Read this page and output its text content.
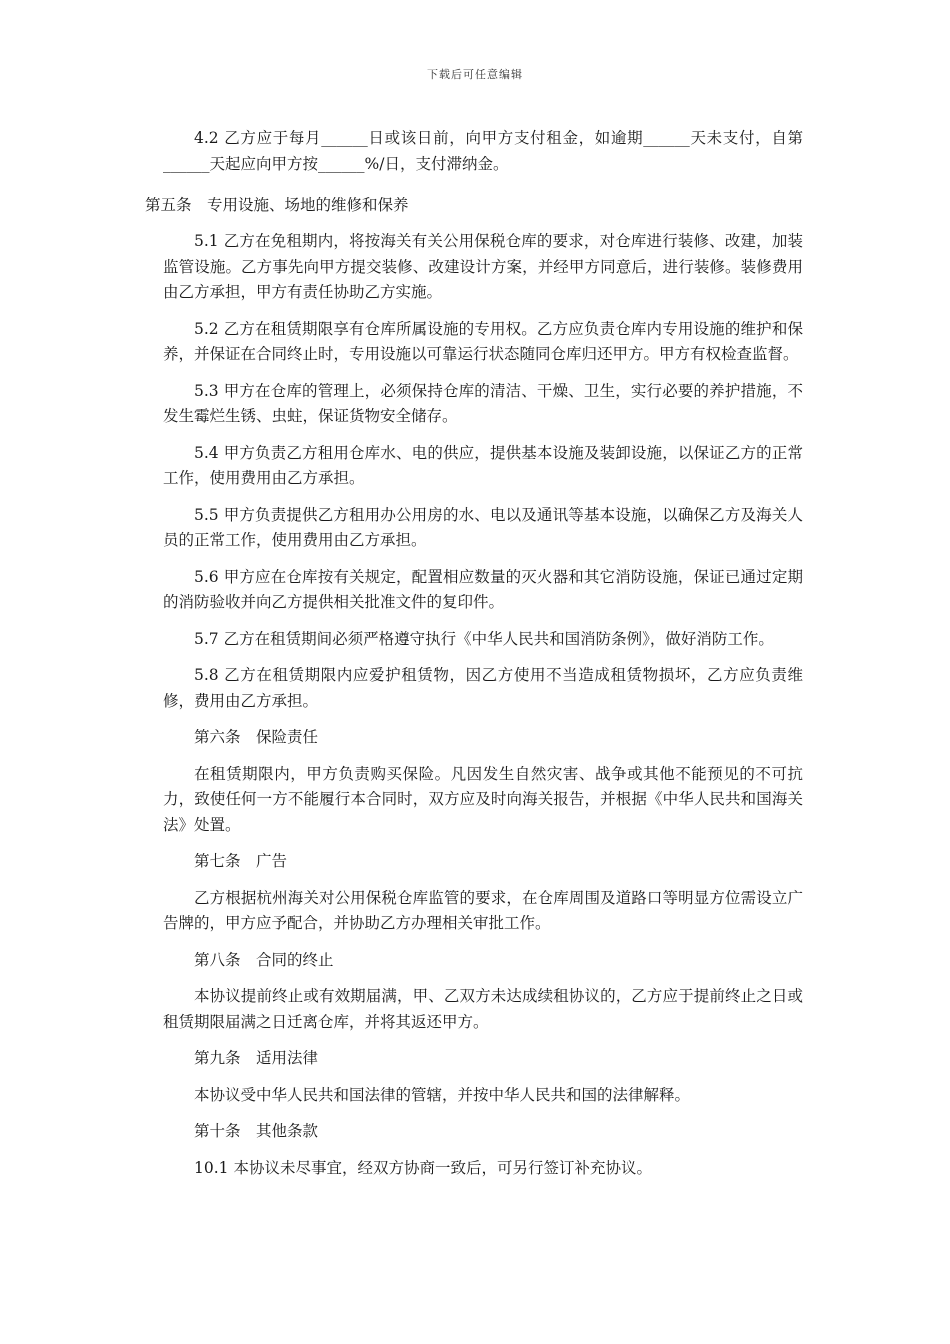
下载后可任意编辑

4.2 乙方应于每月______日或该日前，向甲方支付租金，如逾期______天未支付，自第______天起应向甲方按______%/日，支付滞纳金。

第五条　专用设施、场地的维修和保养

5.1 乙方在免租期内，将按海关有关公用保税仓库的要求，对仓库进行装修、改建，加装监管设施。乙方事先向甲方提交装修、改建设计方案，并经甲方同意后，进行装修。装修费用由乙方承担，甲方有责任协助乙方实施。

5.2 乙方在租赁期限享有仓库所属设施的专用权。乙方应负责仓库内专用设施的维护和保养，并保证在合同终止时，专用设施以可靠运行状态随同仓库归还甲方。甲方有权检查监督。

5.3 甲方在仓库的管理上，必须保持仓库的清洁、干燥、卫生，实行必要的养护措施，不发生霉烂生锈、虫蛀，保证货物安全储存。

5.4 甲方负责乙方租用仓库水、电的供应，提供基本设施及装卸设施，以保证乙方的正常工作，使用费用由乙方承担。

5.5 甲方负责提供乙方租用办公用房的水、电以及通讯等基本设施，以确保乙方及海关人员的正常工作，使用费用由乙方承担。

5.6 甲方应在仓库按有关规定，配置相应数量的灭火器和其它消防设施，保证已通过定期的消防验收并向乙方提供相关批准文件的复印件。

5.7 乙方在租赁期间必须严格遵守执行《中华人民共和国消防条例》，做好消防工作。

5.8 乙方在租赁期限内应爱护租赁物，因乙方使用不当造成租赁物损坏，乙方应负责维修，费用由乙方承担。

第六条　保险责任

在租赁期限内，甲方负责购买保险。凡因发生自然灾害、战争或其他不能预见的不可抗力，致使任何一方不能履行本合同时，双方应及时向海关报告，并根据《中华人民共和国海关法》处置。

第七条　广告

乙方根据杭州海关对公用保税仓库监管的要求，在仓库周围及道路口等明显方位需设立广告牌的，甲方应予配合，并协助乙方办理相关审批工作。

第八条　合同的终止

本协议提前终止或有效期届满，甲、乙双方未达成续租协议的，乙方应于提前终止之日或租赁期限届满之日迁离仓库，并将其返还甲方。

第九条　适用法律

本协议受中华人民共和国法律的管辖，并按中华人民共和国的法律解释。

第十条　其他条款

10.1 本协议未尽事宜，经双方协商一致后，可另行签订补充协议。
